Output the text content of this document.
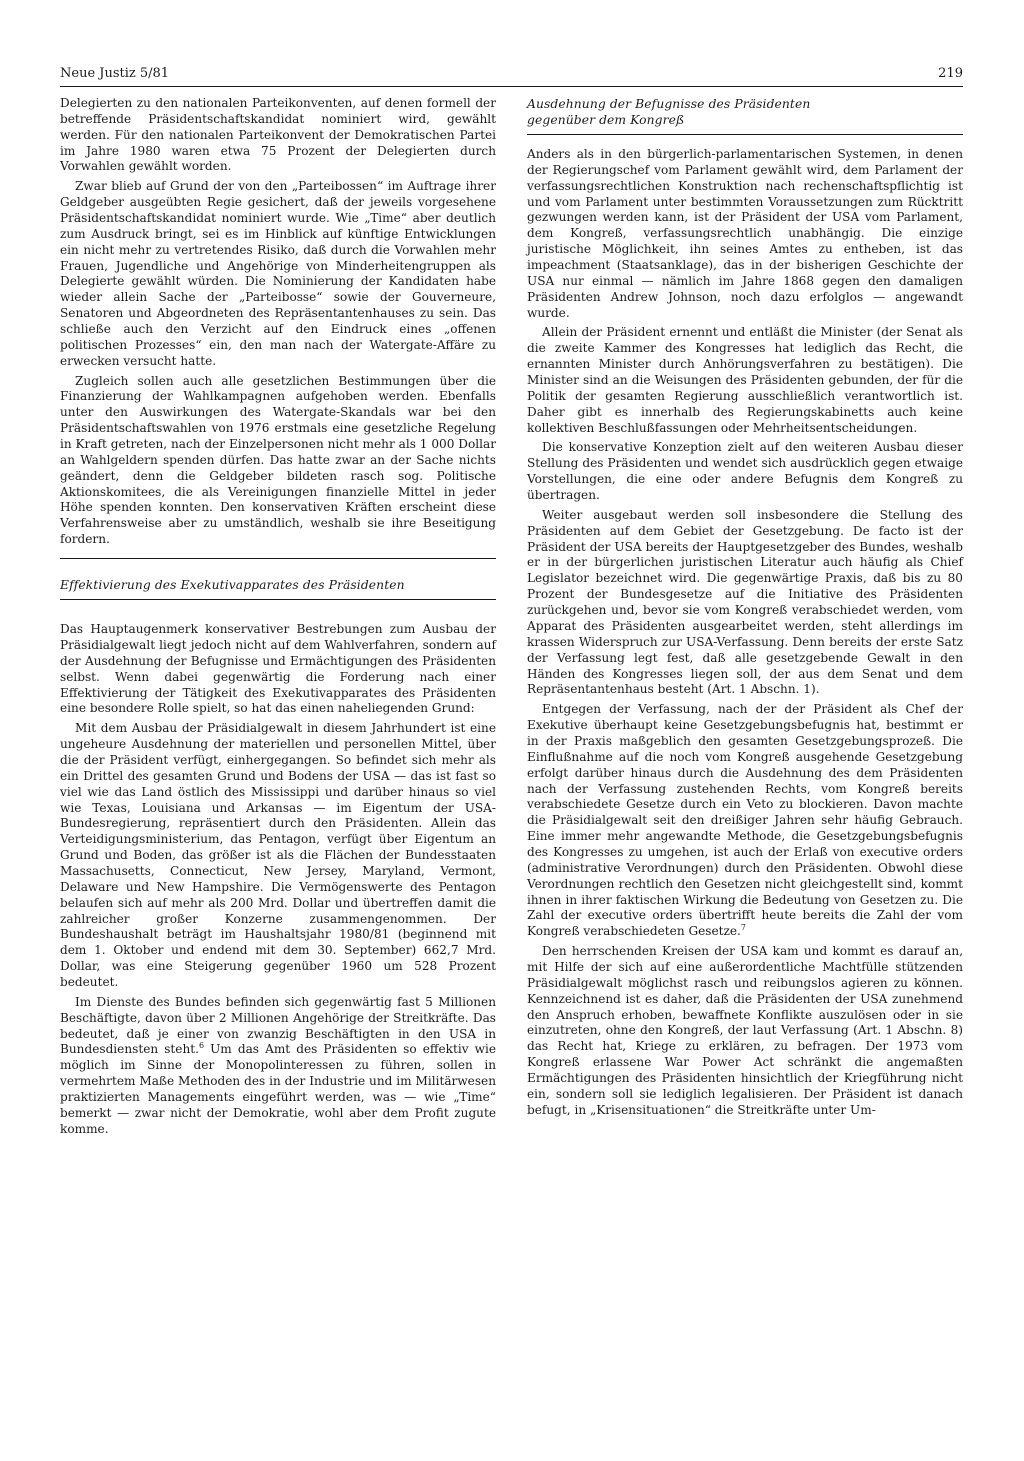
Neue Justiz 5/81	219

Delegierten zu den nationalen Parteikonventen, auf denen formell der betreffende Präsidentschaftskandidat nominiert wird, gewählt werden. Für den nationalen Parteikonvent der Demokratischen Partei im Jahre 1980 waren etwa 75 Prozent der Delegierten durch Vorwahlen gewählt worden.

Zwar blieb auf Grund der von den „Parteibossen“ im Auftrage ihrer Geldgeber ausgeübten Regie gesichert, daß der jeweils vorgesehene Präsidentschaftskandidat nominiert wurde. Wie „Time“ aber deutlich zum Ausdruck bringt, sei es im Hinblick auf künftige Entwicklungen ein nicht mehr zu vertretendes Risiko, daß durch die Vorwahlen mehr Frauen, Jugendliche und Angehörige von Minderheitengruppen als Delegierte gewählt würden. Die Nominierung der Kandidaten habe wieder allein Sache der „Parteibosse“ sowie der Gouverneure, Senatoren und Abgeordneten des Repräsentantenhauses zu sein. Das schließe auch den Verzicht auf den Eindruck eines „offenen politischen Prozesses“ ein, den man nach der Watergate-Affäre zu erwecken versucht hatte.

Zugleich sollen auch alle gesetzlichen Bestimmungen über die Finanzierung der Wahlkampagnen aufgehoben werden. Ebenfalls unter den Auswirkungen des Watergate-Skandals war bei den Präsidentschaftswahlen von 1976 erstmals eine gesetzliche Regelung in Kraft getreten, nach der Einzelpersonen nicht mehr als 1 000 Dollar an Wahlgeldern spenden dürfen. Das hatte zwar an der Sache nichts geändert, denn die Geldgeber bildeten rasch sog. Politische Aktionskomitees, die als Vereinigungen finanzielle Mittel in jeder Höhe spenden konnten. Den konservativen Kräften erscheint diese Verfahrensweise aber zu umständlich, weshalb sie ihre Beseitigung fordern.

Effektivierung des Exekutivapparates des Präsidenten

Das Hauptaugenmerk konservativer Bestrebungen zum Ausbau der Präsidialgewalt liegt jedoch nicht auf dem Wahlverfahren, sondern auf der Ausdehnung der Befugnisse und Ermächtigungen des Präsidenten selbst. Wenn dabei gegenwärtig die Forderung nach einer Effektivierung der Tätigkeit des Exekutivapparates des Präsidenten eine besondere Rolle spielt, so hat das einen naheliegenden Grund:

Mit dem Ausbau der Präsidialgewalt in diesem Jahrhundert ist eine ungeheure Ausdehnung der materiellen und personellen Mittel, über die der Präsident verfügt, einhergegangen. So befindet sich mehr als ein Drittel des gesamten Grund und Bodens der USA — das ist fast so viel wie das Land östlich des Mississippi und darüber hinaus so viel wie Texas, Louisiana und Arkansas — im Eigentum der USA-Bundesregierung, repräsentiert durch den Präsidenten. Allein das Verteidigungsministerium, das Pentagon, verfügt über Eigentum an Grund und Boden, das größer ist als die Flächen der Bundesstaaten Massachusetts, Connecticut, New Jersey, Maryland, Vermont, Delaware und New Hampshire. Die Vermögenswerte des Pentagon belaufen sich auf mehr als 200 Mrd. Dollar und übertreffen damit die zahlreicher großer Konzerne zusammengenommen. Der Bundeshaushalt beträgt im Haushaltsjahr 1980/81 (beginnend mit dem 1. Oktober und endend mit dem 30. September) 662,7 Mrd. Dollar, was eine Steigerung gegenüber 1960 um 528 Prozent bedeutet.

Im Dienste des Bundes befinden sich gegenwärtig fast 5 Millionen Beschäftigte, davon über 2 Millionen Angehörige der Streitkräfte. Das bedeutet, daß je einer von zwanzig Beschäftigten in den USA in Bundesdiensten steht.$^6$ Um das Amt des Präsidenten so effektiv wie möglich im Sinne der Monopolinteressen zu führen, sollen in vermehrtem Maße Methoden des in der Industrie und im Militärwesen praktizierten Managements eingeführt werden, was — wie „Time“ bemerkt — zwar nicht der Demokratie, wohl aber dem Profit zugute komme.

Ausdehnung der Befugnisse des Präsidenten

gegenüber dem Kongreß

Anders als in den bürgerlich-parlamentarischen Systemen, in denen der Regierungschef vom Parlament gewählt wird, dem Parlament der verfassungsrechtlichen Konstruktion nach rechenschaftspflichtig ist und vom Parlament unter bestimmten Voraussetzungen zum Rücktritt gezwungen werden kann, ist der Präsident der USA vom Parlament, dem Kongreß, verfassungsrechtlich unabhängig. Die einzige juristische Möglichkeit, ihn seines Amtes zu entheben, ist das impeachment (Staatsanklage), das in der bisherigen Geschichte der USA nur einmal — nämlich im Jahre 1868 gegen den damaligen Präsidenten Andrew Johnson, noch dazu erfolglos — angewandt wurde.

Allein der Präsident ernennt und entläßt die Minister (der Senat als die zweite Kammer des Kongresses hat lediglich das Recht, die ernannten Minister durch Anhörungsverfahren zu bestätigen). Die Minister sind an die Weisungen des Präsidenten gebunden, der für die Politik der gesamten Regierung ausschließlich verantwortlich ist. Daher gibt es innerhalb des Regierungskabinetts auch keine kollektiven Beschlußfassungen oder Mehrheitsentscheidungen.

Die konservative Konzeption zielt auf den weiteren Ausbau dieser Stellung des Präsidenten und wendet sich ausdrücklich gegen etwaige Vorstellungen, die eine oder andere Befugnis dem Kongreß zu übertragen.

Weiter ausgebaut werden soll insbesondere die Stellung des Präsidenten auf dem Gebiet der Gesetzgebung. De facto ist der Präsident der USA bereits der Hauptgesetzgeber des Bundes, weshalb er in der bürgerlichen juristischen Literatur auch häufig als Chief Legislator bezeichnet wird. Die gegenwärtige Praxis, daß bis zu 80 Prozent der Bundesgesetze auf die Initiative des Präsidenten zurückgehen und, bevor sie vom Kongreß verabschiedet werden, vom Apparat des Präsidenten ausgearbeitet werden, steht allerdings im krassen Widerspruch zur USA-Verfassung. Denn bereits der erste Satz der Verfassung legt fest, daß alle gesetzgebende Gewalt in den Händen des Kongresses liegen soll, der aus dem Senat und dem Repräsentantenhaus besteht (Art. 1 Abschn. 1).

Entgegen der Verfassung, nach der der Präsident als Chef der Exekutive überhaupt keine Gesetzgebungsbefugnis hat, bestimmt er in der Praxis maßgeblich den gesamten Gesetzgebungsprozeß. Die Einflußnahme auf die noch vom Kongreß ausgehende Gesetzgebung erfolgt darüber hinaus durch die Ausdehnung des dem Präsidenten nach der Verfassung zustehenden Rechts, vom Kongreß bereits verabschiedete Gesetze durch ein Veto zu blockieren. Davon machte die Präsidialgewalt seit den dreißiger Jahren sehr häufig Gebrauch. Eine immer mehr angewandte Methode, die Gesetzgebungsbefugnis des Kongresses zu umgehen, ist auch der Erlaß von executive orders (administrative Verordnungen) durch den Präsidenten. Obwohl diese Verordnungen rechtlich den Gesetzen nicht gleichgestellt sind, kommt ihnen in ihrer faktischen Wirkung die Bedeutung von Gesetzen zu. Die Zahl der executive orders übertrifft heute bereits die Zahl der vom Kongreß verabschiedeten Gesetze.$^7$

Den herrschenden Kreisen der USA kam und kommt es darauf an, mit Hilfe der sich auf eine außerordentliche Machtfülle stützenden Präsidialgewalt möglichst rasch und reibungslos agieren zu können. Kennzeichnend ist es daher, daß die Präsidenten der USA zunehmend den Anspruch erhoben, bewaffnete Konflikte auszulösen oder in sie einzutreten, ohne den Kongreß, der laut Verfassung (Art. 1 Abschn. 8) das Recht hat, Kriege zu erklären, zu befragen. Der 1973 vom Kongreß erlassene War Power Act schränkt die angemaßten Ermächtigungen des Präsidenten hinsichtlich der Kriegführung nicht ein, sondern soll sie lediglich legalisieren. Der Präsident ist danach befugt, in „Krisensituationen“ die Streitkräfte unter Um-
